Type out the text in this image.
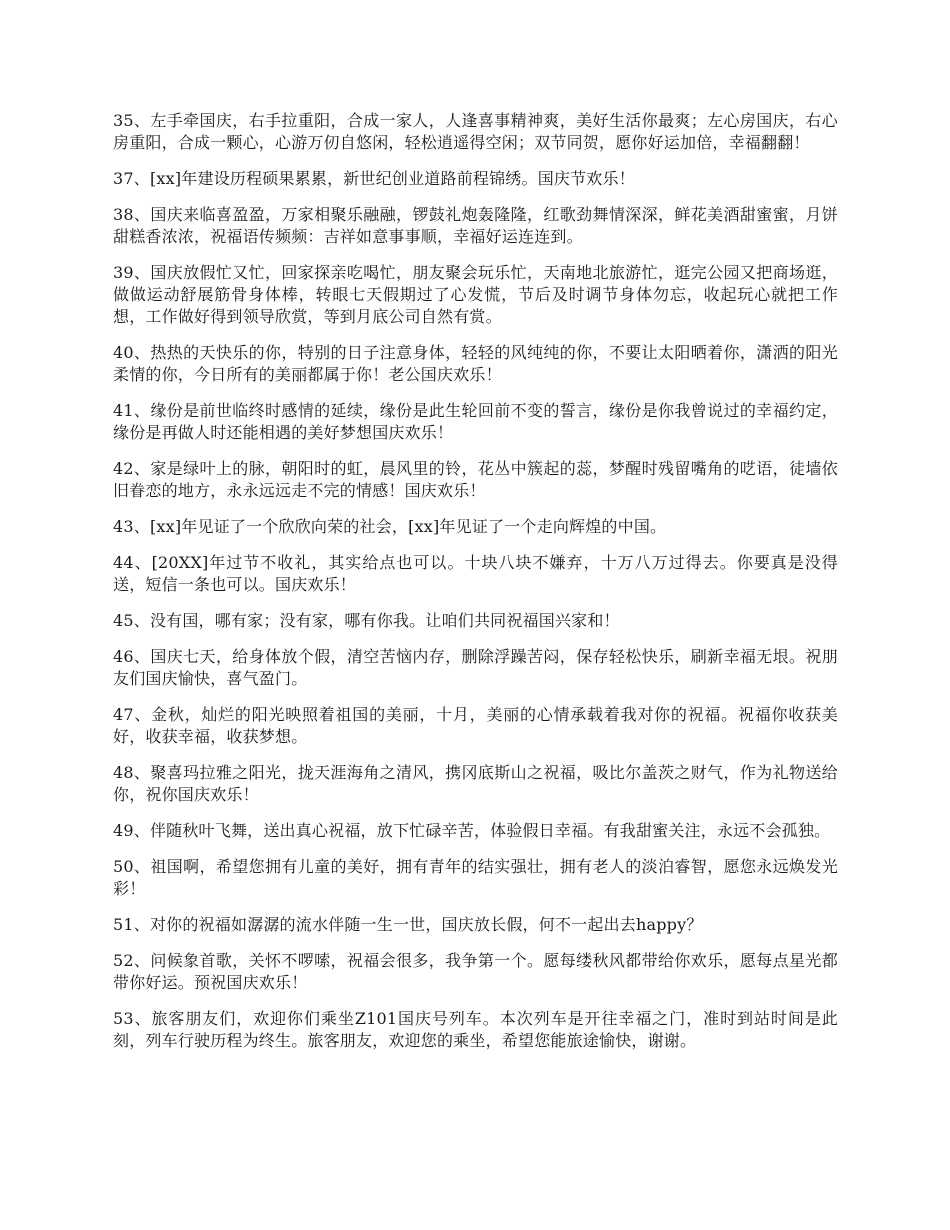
35、左手牵国庆，右手拉重阳，合成一家人，人逢喜事精神爽，美好生活你最爽；左心房国庆，右心房重阳，合成一颗心，心游万仞自悠闲，轻松逍遥得空闲；双节同贺，愿你好运加倍，幸福翻翻！

37、[xx]年建设历程硕果累累，新世纪创业道路前程锦绣。国庆节欢乐！

38、国庆来临喜盈盈，万家相聚乐融融，锣鼓礼炮轰隆隆，红歌劲舞情深深，鲜花美酒甜蜜蜜，月饼甜糕香浓浓，祝福语传频频：吉祥如意事事顺，幸福好运连连到。

39、国庆放假忙又忙，回家探亲吃喝忙，朋友聚会玩乐忙，天南地北旅游忙，逛完公园又把商场逛，做做运动舒展筋骨身体棒，转眼七天假期过了心发慌，节后及时调节身体勿忘，收起玩心就把工作想，工作做好得到领导欣赏，等到月底公司自然有赏。

40、热热的天快乐的你，特别的日子注意身体，轻轻的风纯纯的你，不要让太阳晒着你，潇洒的阳光柔情的你，今日所有的美丽都属于你！老公国庆欢乐！

41、缘份是前世临终时感情的延续，缘份是此生轮回前不变的誓言，缘份是你我曾说过的幸福约定，缘份是再做人时还能相遇的美好梦想国庆欢乐！

42、家是绿叶上的脉，朝阳时的虹，晨风里的铃，花丛中簇起的蕊，梦醒时残留嘴角的呓语，徒墙依旧眷恋的地方，永永远远走不完的情感！国庆欢乐！

43、[xx]年见证了一个欣欣向荣的社会，[xx]年见证了一个走向辉煌的中国。

44、[20XX]年过节不收礼，其实给点也可以。十块八块不嫌弃，十万八万过得去。你要真是没得送，短信一条也可以。国庆欢乐！

45、没有国，哪有家；没有家，哪有你我。让咱们共同祝福国兴家和！

46、国庆七天，给身体放个假，清空苦恼内存，删除浮躁苦闷，保存轻松快乐，刷新幸福无垠。祝朋友们国庆愉快，喜气盈门。

47、金秋，灿烂的阳光映照着祖国的美丽，十月，美丽的心情承载着我对你的祝福。祝福你收获美好，收获幸福，收获梦想。

48、聚喜玛拉雅之阳光，拢天涯海角之清风，携冈底斯山之祝福，吸比尔盖茨之财气，作为礼物送给你，祝你国庆欢乐！

49、伴随秋叶飞舞，送出真心祝福，放下忙碌辛苦，体验假日幸福。有我甜蜜关注，永远不会孤独。

50、祖国啊，希望您拥有儿童的美好，拥有青年的结实强壮，拥有老人的淡泊睿智，愿您永远焕发光彩！

51、对你的祝福如潺潺的流水伴随一生一世，国庆放长假，何不一起出去happy？

52、问候象首歌，关怀不啰嗦，祝福会很多，我争第一个。愿每缕秋风都带给你欢乐，愿每点星光都带你好运。预祝国庆欢乐！

53、旅客朋友们，欢迎你们乘坐Z101国庆号列车。本次列车是开往幸福之门，准时到站时间是此刻，列车行驶历程为终生。旅客朋友，欢迎您的乘坐，希望您能旅途愉快，谢谢。
